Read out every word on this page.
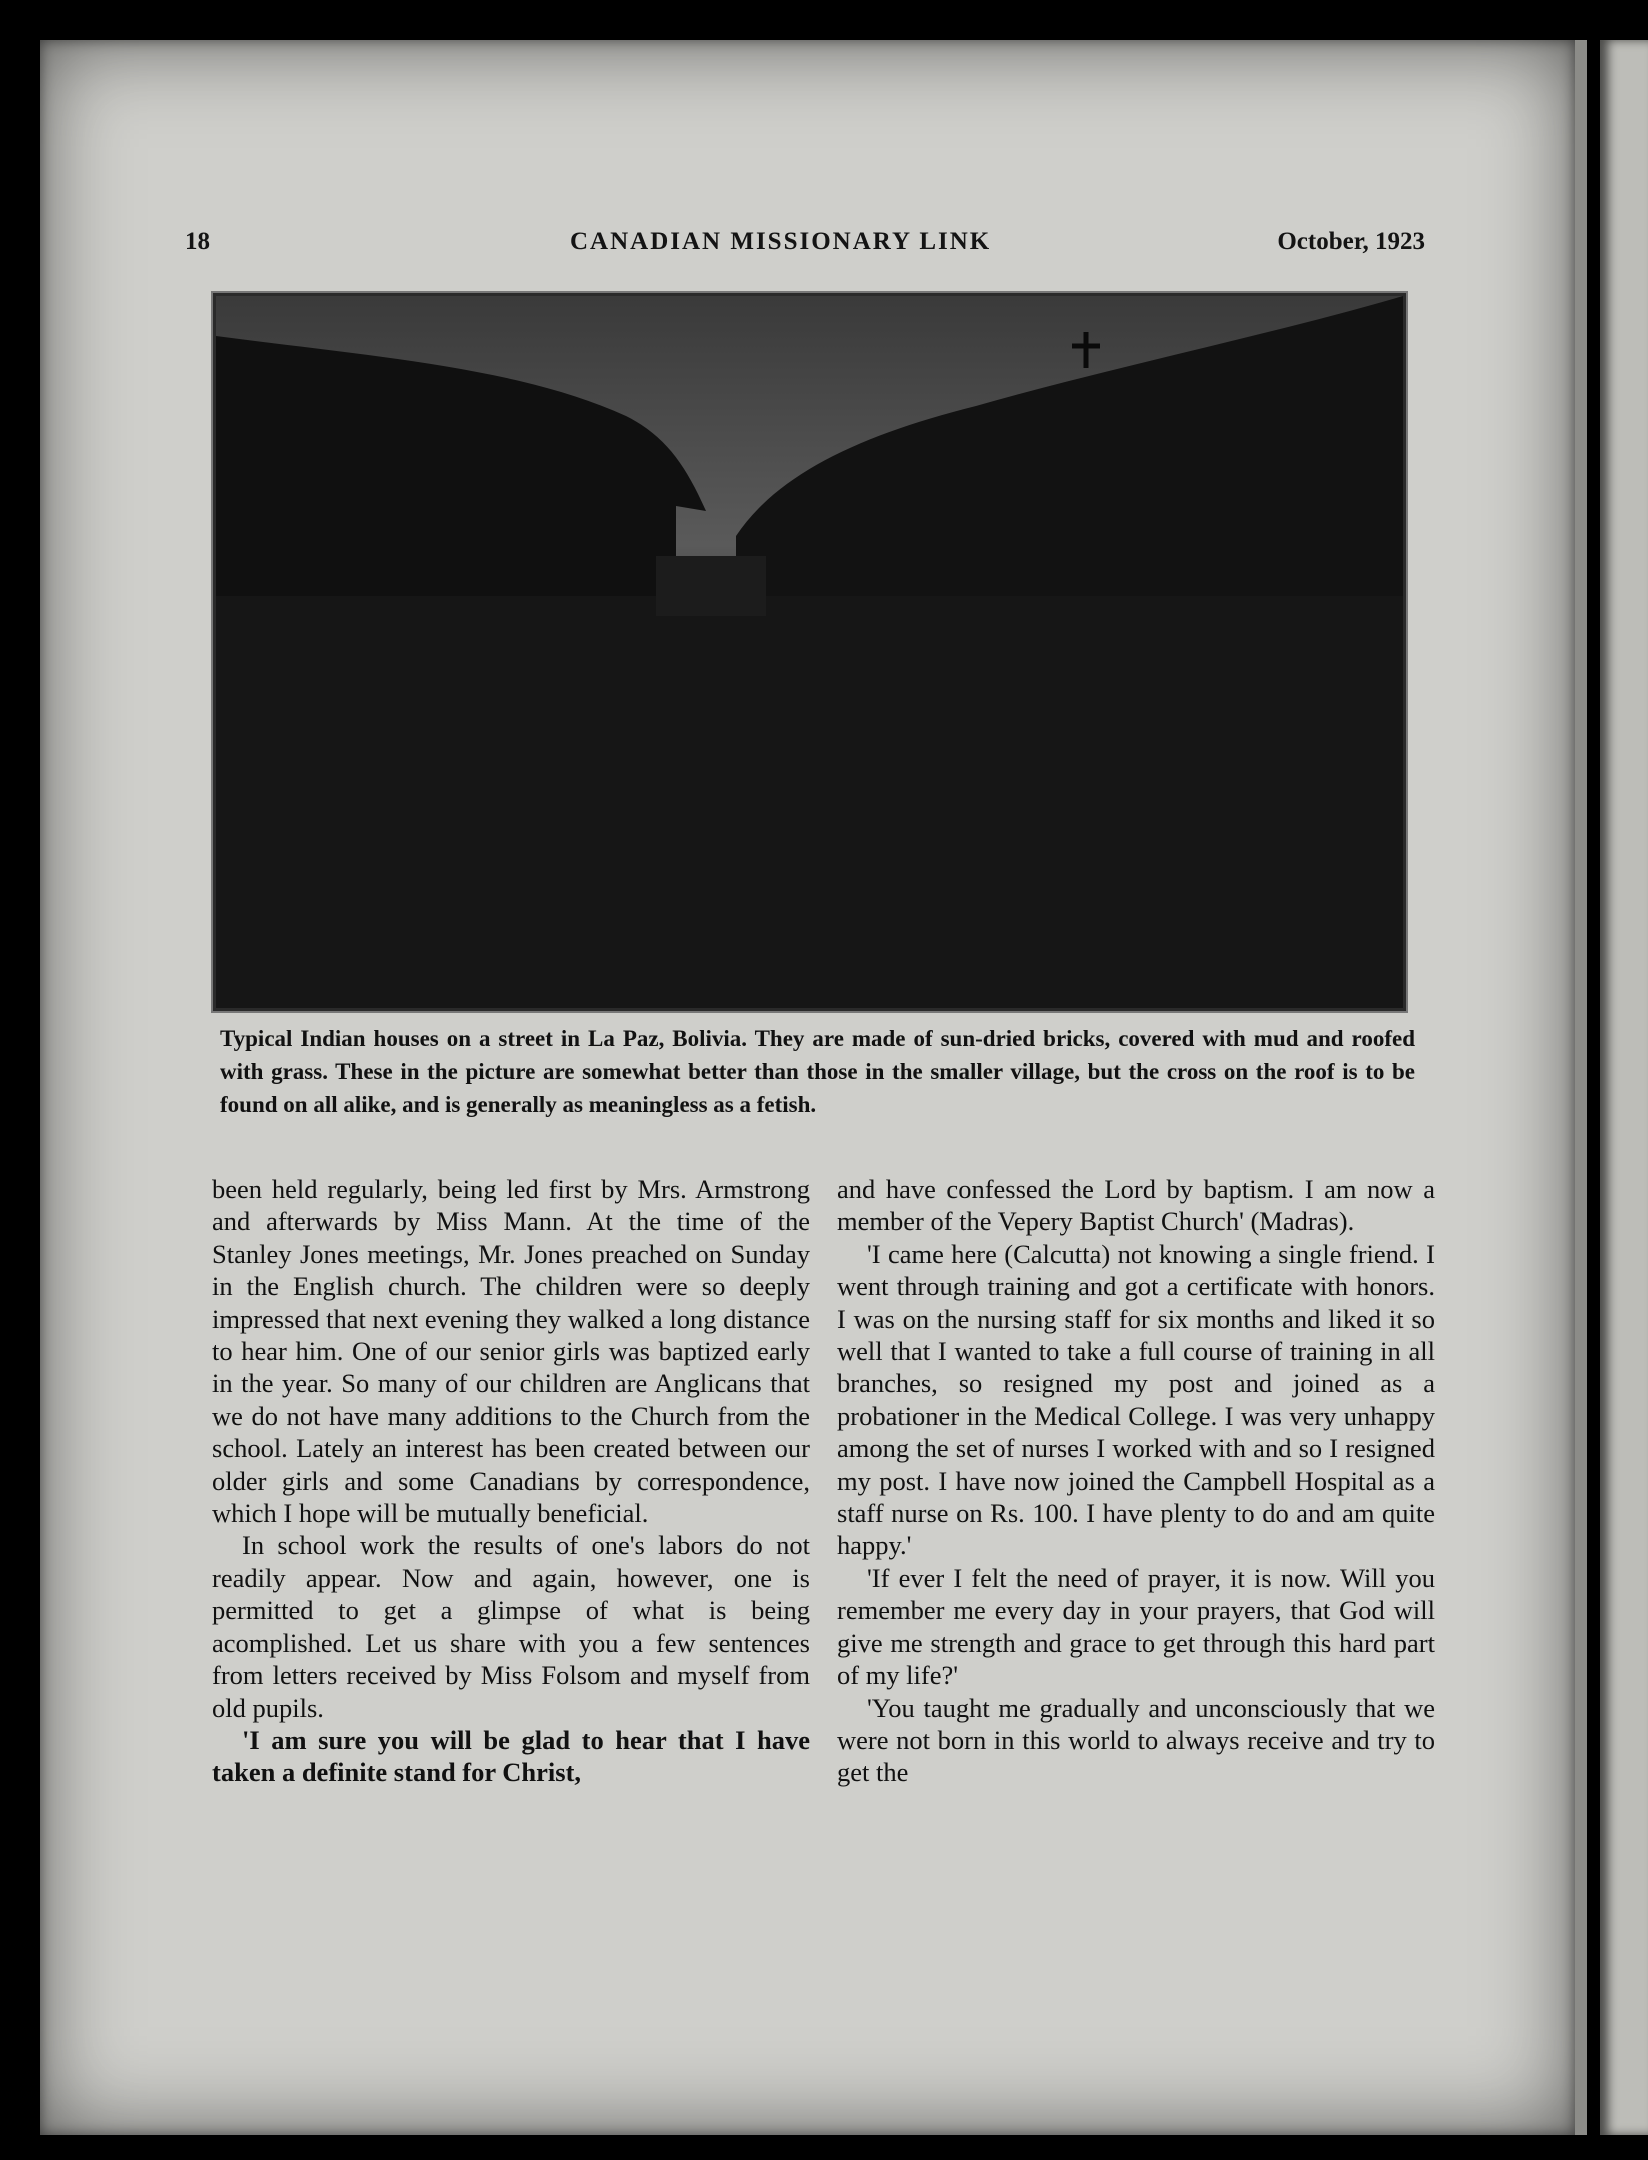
18	CANADIAN MISSIONARY LINK	October, 1923
Typical Indian houses on a street in La Paz, Bolivia. They are made of sun-dried bricks, covered with mud and roofed with grass. These in the picture are somewhat better than those in the smaller village, but the cross on the roof is to be found on all alike, and is generally as meaningless as a fetish.

been held regularly, being led first by Mrs. Armstrong and afterwards by Miss Mann. At the time of the Stanley Jones meetings, Mr. Jones preached on Sunday in the English church. The children were so deeply impressed that next evening they walked a long distance to hear him. One of our senior girls was baptized early in the year. So many of our children are Anglicans that we do not have many additions to the Church from the school. Lately an interest has been created between our older girls and some Canadians by correspondence, which I hope will be mutually beneficial.

In school work the results of one's labors do not readily appear. Now and again, however, one is permitted to get a glimpse of what is being acomplished. Let us share with you a few sentences from letters received by Miss Folsom and myself from old pupils.

'I am sure you will be glad to hear that I have taken a definite stand for Christ,

and have confessed the Lord by baptism. I am now a member of the Vepery Baptist Church' (Madras).

'I came here (Calcutta) not knowing a single friend. I went through training and got a certificate with honors. I was on the nursing staff for six months and liked it so well that I wanted to take a full course of training in all branches, so resigned my post and joined as a probationer in the Medical College. I was very unhappy among the set of nurses I worked with and so I resigned my post. I have now joined the Campbell Hospital as a staff nurse on Rs. 100. I have plenty to do and am quite happy.'

'If ever I felt the need of prayer, it is now. Will you remember me every day in your prayers, that God will give me strength and grace to get through this hard part of my life?'

'You taught me gradually and unconsciously that we were not born in this world to always receive and try to get the
